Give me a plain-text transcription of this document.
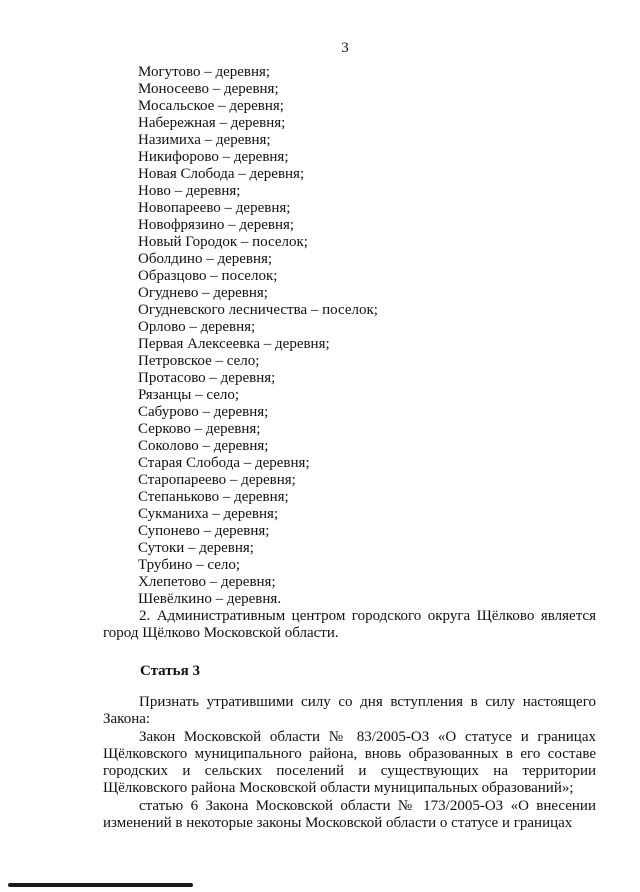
3
Могутово – деревня;
Моносеево – деревня;
Мосальское – деревня;
Набережная – деревня;
Назимиха – деревня;
Никифорово – деревня;
Новая Слобода – деревня;
Ново – деревня;
Новопареево – деревня;
Новофрязино – деревня;
Новый Городок – поселок;
Оболдино – деревня;
Образцово – поселок;
Огуднево – деревня;
Огудневского лесничества – поселок;
Орлово – деревня;
Первая Алексеевка – деревня;
Петровское – село;
Протасово – деревня;
Рязанцы – село;
Сабурово – деревня;
Серково – деревня;
Соколово – деревня;
Старая Слобода – деревня;
Старопареево – деревня;
Степаньково – деревня;
Сукманиха – деревня;
Супонево – деревня;
Сутоки – деревня;
Трубино – село;
Хлепетово – деревня;
Шевёлкино – деревня.

2. Административным центром городского округа Щёлково является город Щёлково Московской области.

Статья 3

Признать утратившими силу со дня вступления в силу настоящего Закона:

Закон Московской области № 83/2005-ОЗ «О статусе и границах Щёлковского муниципального района, вновь образованных в его составе городских и сельских поселений и существующих на территории Щёлковского района Московской области муниципальных образований»;

статью 6 Закона Московской области № 173/2005-ОЗ «О внесении изменений в некоторые законы Московской области о статусе и границах
